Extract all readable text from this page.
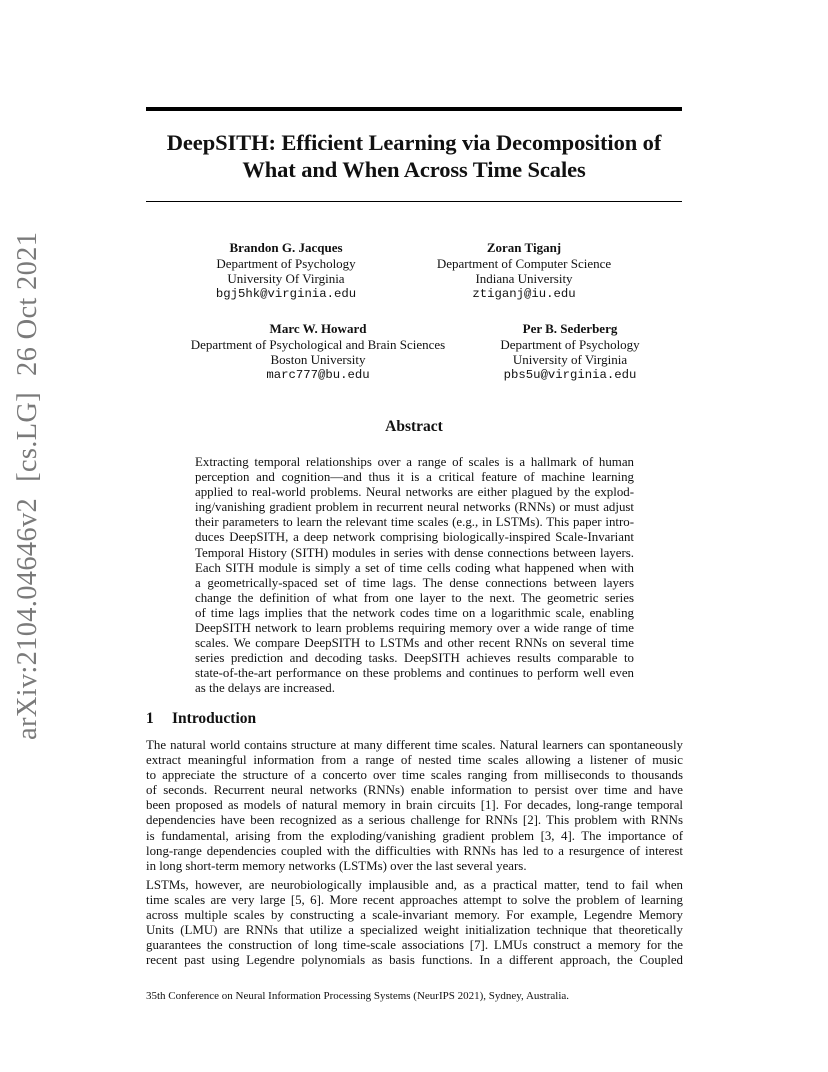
DeepSITH: Efficient Learning via Decomposition of
What and When Across Time Scales
arXiv:2104.04646v2[cs.LG]26 Oct 2021	Brandon G. Jacques
Department of Psychology
University Of Virginia
bgj5hk@virginia.edu
Zoran Tiganj
Department of Computer Science
Indiana University
ztiganj@iu.edu
Marc W. Howard
Department of Psychological and Brain Sciences
Boston University
marc777@bu.edu
Per B. Sederberg
Department of Psychology
University of Virginia
pbs5u@virginia.edu
Abstract
Extracting temporal relationships over a range of scales is a hallmark of human
perception and cognition—and thus it is a critical feature of machine learning
applied to real-world problems. Neural networks are either plagued by the explod-
ing/vanishing gradient problem in recurrent neural networks (RNNs) or must adjust
their parameters to learn the relevant time scales (e.g., in LSTMs). This paper intro-
duces DeepSITH, a deep network comprising biologically-inspired Scale-Invariant
Temporal History (SITH) modules in series with dense connections between layers.
Each SITH module is simply a set of time cells coding what happened when with
a geometrically-spaced set of time lags. The dense connections between layers
change the definition of what from one layer to the next. The geometric series
of time lags implies that the network codes time on a logarithmic scale, enabling
DeepSITH network to learn problems requiring memory over a wide range of time
scales. We compare DeepSITH to LSTMs and other recent RNNs on several time
series prediction and decoding tasks. DeepSITH achieves results comparable to
state-of-the-art performance on these problems and continues to perform well even
as the delays are increased.
1 Introduction
The natural world contains structure at many different time scales. Natural learners can spontaneously
extract meaningful information from a range of nested time scales allowing a listener of music
to appreciate the structure of a concerto over time scales ranging from milliseconds to thousands
of seconds. Recurrent neural networks (RNNs) enable information to persist over time and have
been proposed as models of natural memory in brain circuits [1]. For decades, long-range temporal
dependencies have been recognized as a serious challenge for RNNs [2]. This problem with RNNs
is fundamental, arising from the exploding/vanishing gradient problem [3, 4]. The importance of
long-range dependencies coupled with the difficulties with RNNs has led to a resurgence of interest
in long short-term memory networks (LSTMs) over the last several years.
LSTMs, however, are neurobiologically implausible and, as a practical matter, tend to fail when
time scales are very large [5, 6]. More recent approaches attempt to solve the problem of learning
across multiple scales by constructing a scale-invariant memory. For example, Legendre Memory
Units (LMU) are RNNs that utilize a specialized weight initialization technique that theoretically
guarantees the construction of long time-scale associations [7]. LMUs construct a memory for the
recent past using Legendre polynomials as basis functions. In a different approach, the Coupled
35th Conference on Neural Information Processing Systems (NeurIPS 2021), Sydney, Australia.
